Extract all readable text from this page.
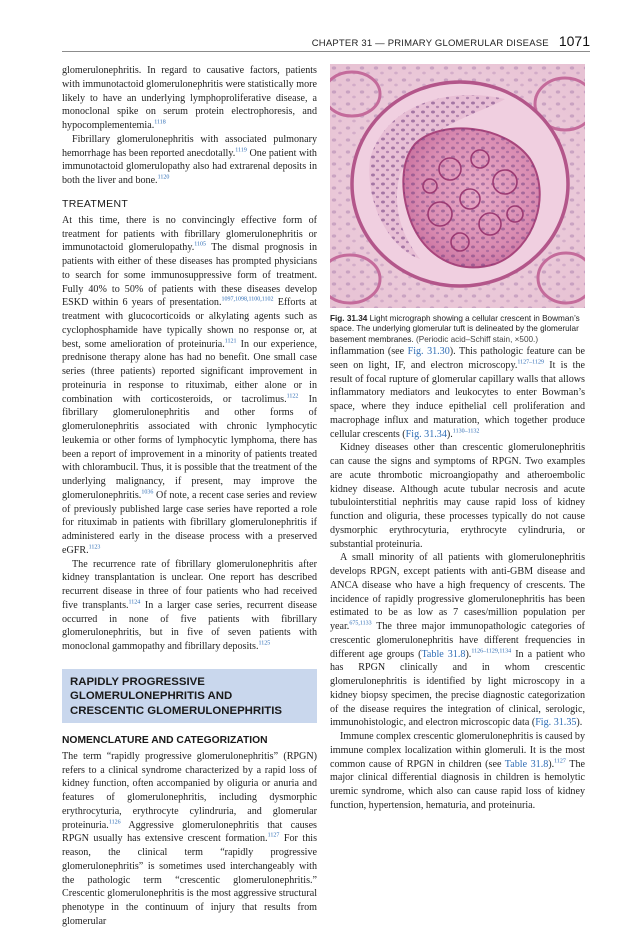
CHAPTER 31 — PRIMARY GLOMERULAR DISEASE 1071

glomerulonephritis. In regard to causative factors, patients with immunotactoid glomerulonephritis were statistically more likely to have an underlying lymphoproliferative disease, a monoclonal spike on serum protein electrophoresis, and hypocomplementemia.$^{1118}$

Fibrillary glomerulonephritis with associated pulmonary hemorrhage has been reported anecdotally.$^{1119}$ One patient with immunotactoid glomerulopathy also had extrarenal deposits in both the liver and bone.$^{1120}$

TREATMENT

At this time, there is no convincingly effective form of treatment for patients with fibrillary glomerulonephritis or immunotactoid glomerulopathy.$^{1105}$ The dismal prognosis in patients with either of these diseases has prompted physicians to search for some immunosuppressive form of treatment. Fully 40% to 50% of patients with these diseases develop ESKD within 6 years of presentation.$^{1097,1098,1100,1102}$ Efforts at treatment with glucocorticoids or alkylating agents such as cyclophosphamide have typically shown no response or, at best, some amelioration of proteinuria.$^{1121}$ In our experience, prednisone therapy alone has had no benefit. One small case series (three patients) reported significant improvement in proteinuria in response to rituximab, either alone or in combination with corticosteroids, or tacrolimus.$^{1122}$ In fibrillary glomerulonephritis and other forms of glomerulonephritis associated with chronic lymphocytic leukemia or other forms of lymphocytic lymphoma, there has been a report of improvement in a minority of patients treated with chlorambucil. Thus, it is possible that the treatment of the underlying malignancy, if present, may improve the glomerulonephritis.$^{1036}$ Of note, a recent case series and review of previously published large case series have reported a role for rituximab in patients with fibrillary glomerulonephritis if administered early in the disease process with a preserved eGFR.$^{1123}$

The recurrence rate of fibrillary glomerulonephritis after kidney transplantation is unclear. One report has described recurrent disease in three of four patients who had received five transplants.$^{1124}$ In a larger case series, recurrent disease occurred in none of five patients with fibrillary glomerulonephritis, but in five of seven patients with monoclonal gammopathy and fibrillary deposits.$^{1125}$

RAPIDLY PROGRESSIVE
GLOMERULONEPHRITIS AND
CRESCENTIC GLOMERULONEPHRITIS
NOMENCLATURE AND CATEGORIZATION

The term “rapidly progressive glomerulonephritis” (RPGN) refers to a clinical syndrome characterized by a rapid loss of kidney function, often accompanied by oliguria or anuria and features of glomerulonephritis, including dysmorphic erythrocyturia, erythrocyte cylindruria, and glomerular proteinuria.$^{1126}$ Aggressive glomerulonephritis that causes RPGN usually has extensive crescent formation.$^{1127}$ For this reason, the clinical term “rapidly progressive glomerulonephritis” is sometimes used interchangeably with the pathologic term “crescentic glomerulonephritis.” Crescentic glomerulonephritis is the most aggressive structural phenotype in the continuum of injury that results from glomerular

Fig. 31.34 Light micrograph showing a cellular crescent in Bowman’s space. The underlying glomerular tuft is delineated by the glomerular basement membranes. (Periodic acid–Schiff stain, ×500.)

inflammation (see Fig. 31.30). This pathologic feature can be seen on light, IF, and electron microscopy.$^{1127-1129}$ It is the result of focal rupture of glomerular capillary walls that allows inflammatory mediators and leukocytes to enter Bowman’s space, where they induce epithelial cell proliferation and macrophage influx and maturation, which together produce cellular crescents (Fig. 31.34).$^{1130-1132}$

Kidney diseases other than crescentic glomerulonephritis can cause the signs and symptoms of RPGN. Two examples are acute thrombotic microangiopathy and atheroembolic kidney disease. Although acute tubular necrosis and acute tubulointerstitial nephritis may cause rapid loss of kidney function and oliguria, these processes typically do not cause dysmorphic erythrocyturia, erythrocyte cylindruria, or substantial proteinuria.

A small minority of all patients with glomerulonephritis develops RPGN, except patients with anti-GBM disease and ANCA disease who have a high frequency of crescents. The incidence of rapidly progressive glomerulonephritis has been estimated to be as low as 7 cases/million population per year.$^{675,1133}$ The three major immunopathologic categories of crescentic glomerulonephritis have different frequencies in different age groups (Table 31.8).$^{1126-1129,1134}$ In a patient who has RPGN clinically and in whom crescentic glomerulonephritis is identified by light microscopy in a kidney biopsy specimen, the precise diagnostic categorization of the disease requires the integration of clinical, serologic, immunohistologic, and electron microscopic data (Fig. 31.35).

Immune complex crescentic glomerulonephritis is caused by immune complex localization within glomeruli. It is the most common cause of RPGN in children (see Table 31.8).$^{1127}$ The major clinical differential diagnosis in children is hemolytic uremic syndrome, which also can cause rapid loss of kidney function, hypertension, hematuria, and proteinuria.
